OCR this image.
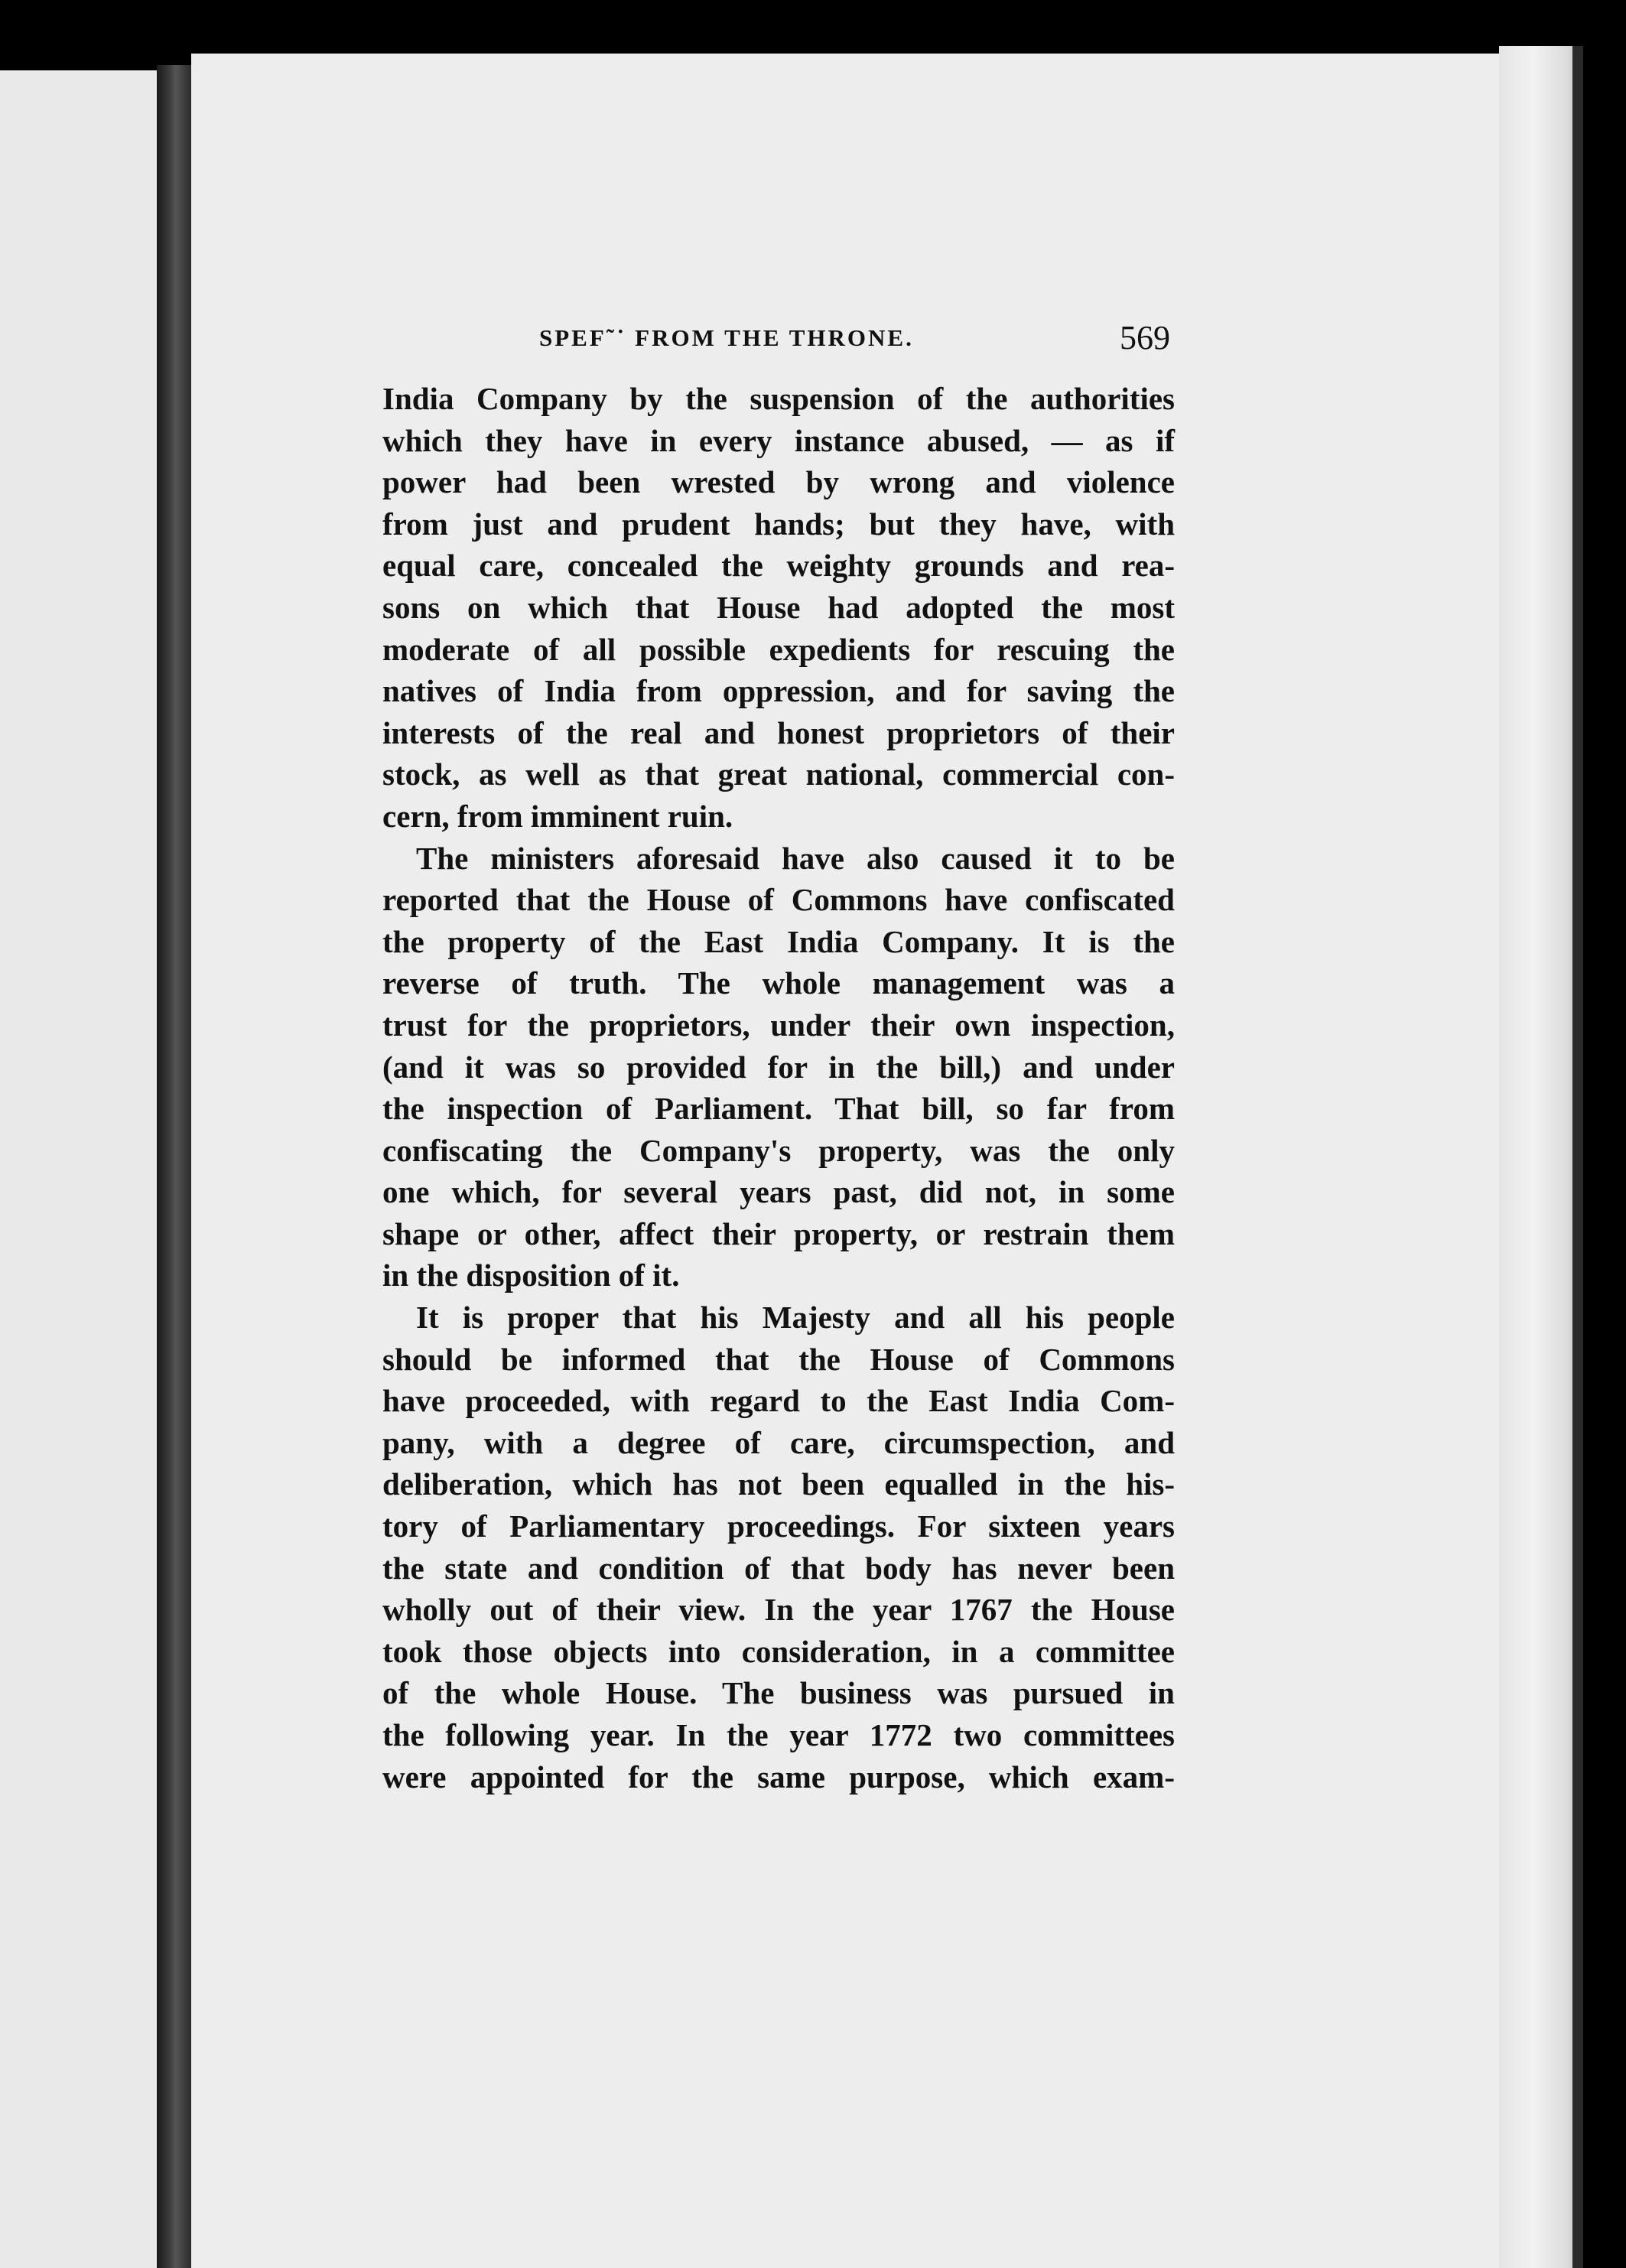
SPEF˜˙ FROM THE THRONE.	569
India Company by the suspension of the authorities
which they have in every instance abused, — as if
power had been wrested by wrong and violence
from just and prudent hands; but they have, with
equal care, concealed the weighty grounds and rea-
sons on which that House had adopted the most
moderate of all possible expedients for rescuing the
natives of India from oppression, and for saving the
interests of the real and honest proprietors of their
stock, as well as that great national, commercial con-
cern, from imminent ruin.
The ministers aforesaid have also caused it to be
reported that the House of Commons have confiscated
the property of the East India Company. It is the
reverse of truth. The whole management was a
trust for the proprietors, under their own inspection,
(and it was so provided for in the bill,) and under
the inspection of Parliament. That bill, so far from
confiscating the Company's property, was the only
one which, for several years past, did not, in some
shape or other, affect their property, or restrain them
in the disposition of it.
It is proper that his Majesty and all his people
should be informed that the House of Commons
have proceeded, with regard to the East India Com-
pany, with a degree of care, circumspection, and
deliberation, which has not been equalled in the his-
tory of Parliamentary proceedings. For sixteen years
the state and condition of that body has never been
wholly out of their view. In the year 1767 the House
took those objects into consideration, in a committee
of the whole House. The business was pursued in
the following year. In the year 1772 two committees
were appointed for the same purpose, which exam-
